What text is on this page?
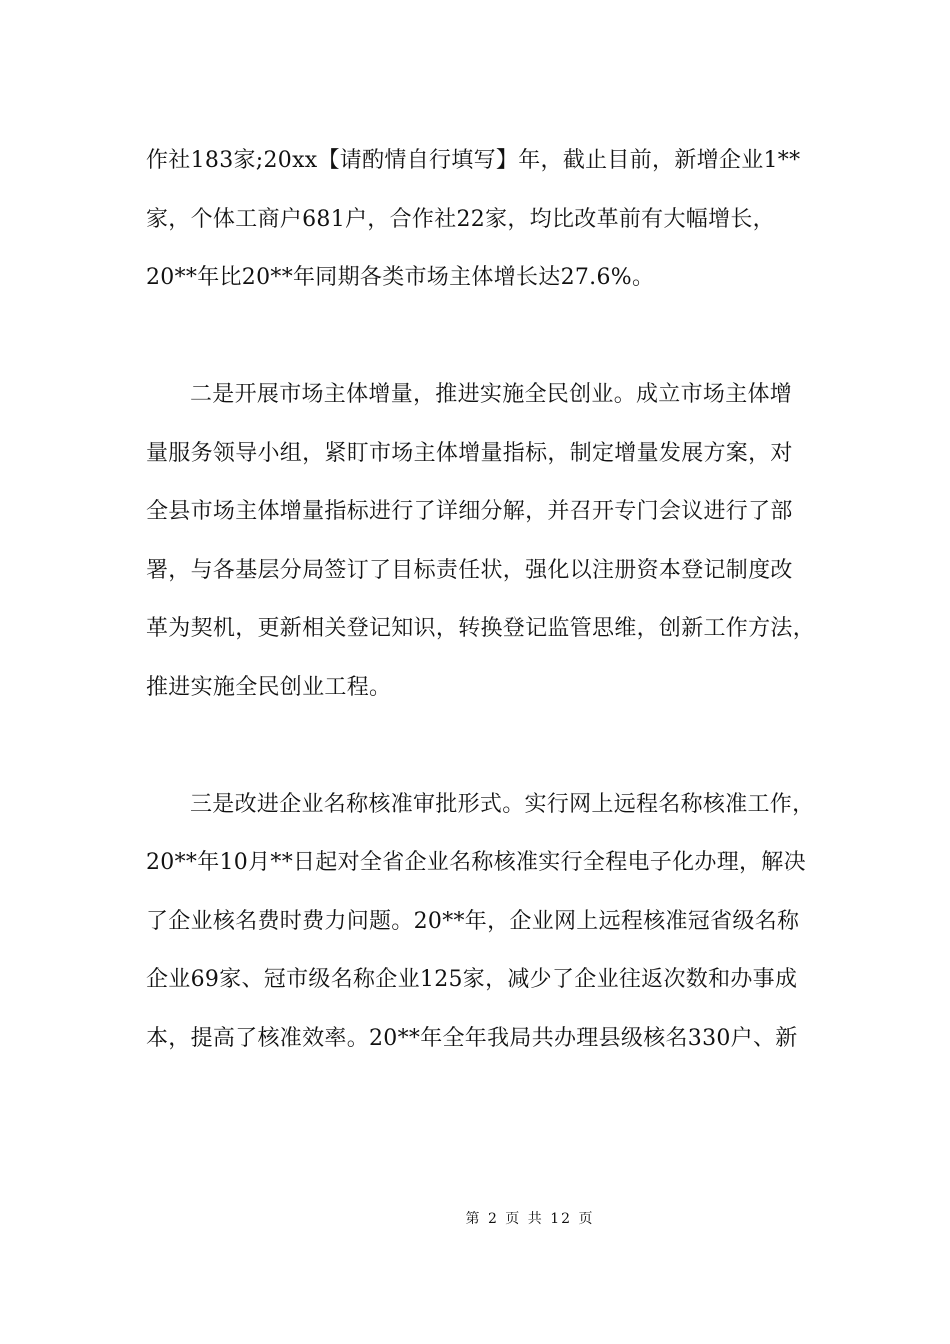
作社183家;20xx【请酌情自行填写】年，截止目前，新增企业1**
家，个体工商户681户，合作社22家，均比改革前有大幅增长，
20**年比20**年同期各类市场主体增长达27.6%。
二是开展市场主体增量，推进实施全民创业。成立市场主体增
量服务领导小组，紧盯市场主体增量指标，制定增量发展方案，对
全县市场主体增量指标进行了详细分解，并召开专门会议进行了部
署，与各基层分局签订了目标责任状，强化以注册资本登记制度改
革为契机，更新相关登记知识，转换登记监管思维，创新工作方法，
推进实施全民创业工程。
三是改进企业名称核准审批形式。实行网上远程名称核准工作，
20**年10月**日起对全省企业名称核准实行全程电子化办理，解决
了企业核名费时费力问题。20**年，企业网上远程核准冠省级名称
企业69家、冠市级名称企业125家，减少了企业往返次数和办事成
本，提高了核准效率。20**年全年我局共办理县级核名330户、新
第 2 页 共 12 页
